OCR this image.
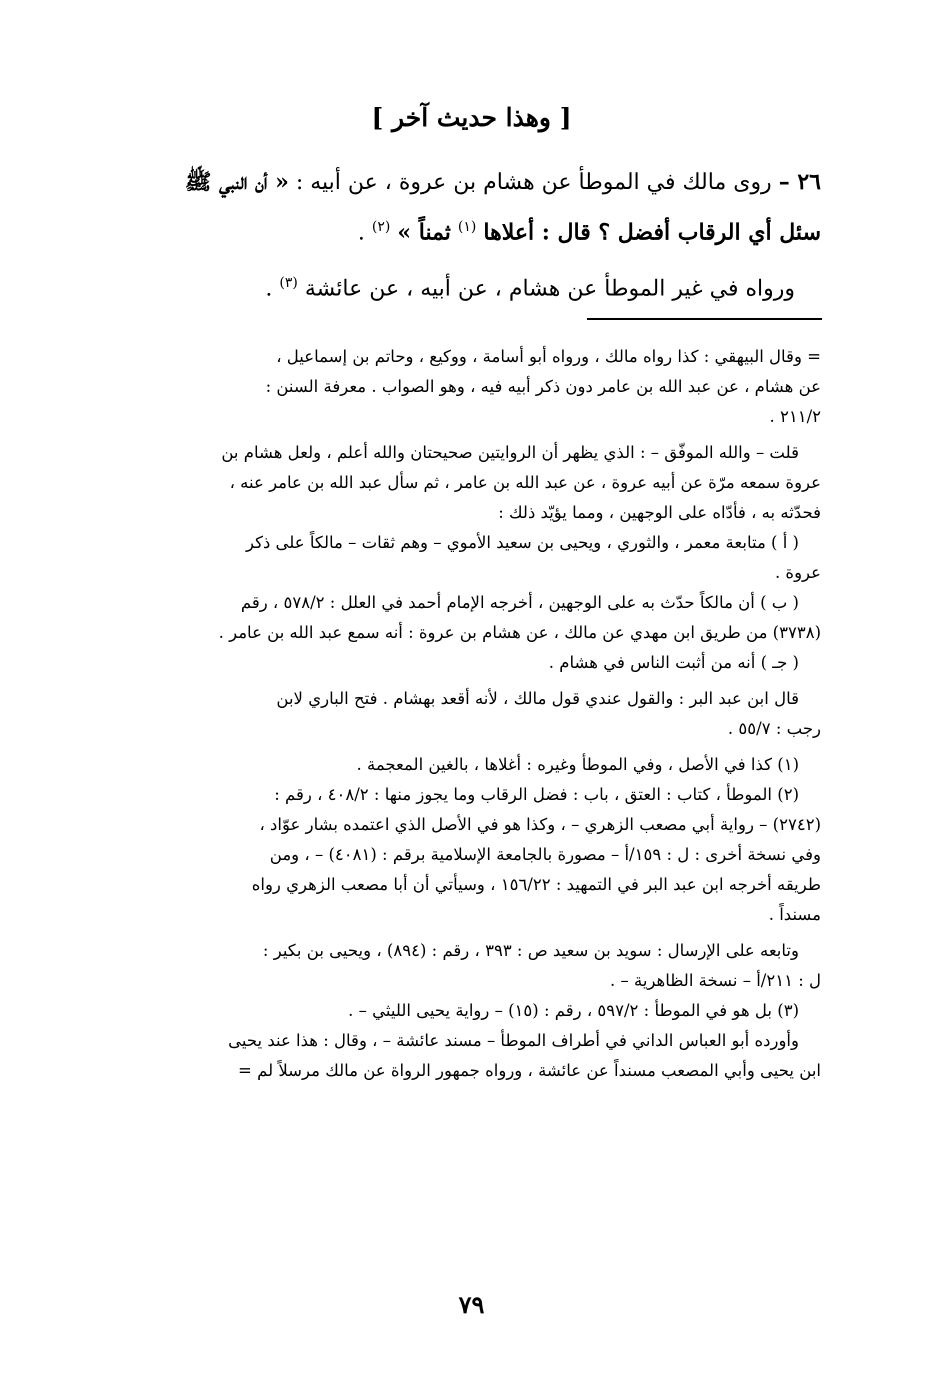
[ وهذا حديث آخر ]
٢٦ – روى مالك في الموطأ عن هشام بن عروة ، عن أبيه : « أن النبي ﷺ
سئل أي الرقاب أفضل ؟ قال : أعلاها $^{(١)}$ ثمناً » $^{(٢)}$ .
ورواه في غير الموطأ عن هشام ، عن أبيه ، عن عائشة $^{(٣)}$ .

= وقال البيهقي : كذا رواه مالك ، ورواه أبو أسامة ، ووكيع ، وحاتم بن إسماعيل ،

عن هشام ، عن عبد الله بن عامر دون ذكر أبيه فيه ، وهو الصواب . معرفة السنن :

٢١١/٢ .

قلت – والله الموفّق – : الذي يظهر أن الروايتين صحيحتان والله أعلم ، ولعل هشام بن

عروة سمعه مرّة عن أبيه عروة ، عن عبد الله بن عامر ، ثم سأل عبد الله بن عامر عنه ،

فحدّثه به ، فأدّاه على الوجهين ، ومما يؤيّد ذلك :

( أ ) متابعة معمر ، والثوري ، ويحيى بن سعيد الأموي – وهم ثقات – مالكاً على ذكر

عروة .

( ب ) أن مالكاً حدّث به على الوجهين ، أخرجه الإمام أحمد في العلل : ٥٧٨/٢ ، رقم

(٣٧٣٨) من طريق ابن مهدي عن مالك ، عن هشام بن عروة : أنه سمع عبد الله بن عامر .

( جـ ) أنه من أثبت الناس في هشام .

قال ابن عبد البر : والقول عندي قول مالك ، لأنه أقعد بهشام . فتح الباري لابن

رجب : ٥٥/٧ .

(١) كذا في الأصل ، وفي الموطأ وغيره : أغلاها ، بالغين المعجمة .

(٢) الموطأ ، كتاب : العتق ، باب : فضل الرقاب وما يجوز منها : ٤٠٨/٢ ، رقم :

(٢٧٤٢) – رواية أبي مصعب الزهري – ، وكذا هو في الأصل الذي اعتمده بشار عوّاد ،

وفي نسخة أخرى : ل : ١٥٩/أ – مصورة بالجامعة الإسلامية برقم : (٤٠٨١) – ، ومن

طريقه أخرجه ابن عبد البر في التمهيد : ١٥٦/٢٢ ، وسيأتي أن أبا مصعب الزهري رواه

مسنداً .

وتابعه على الإرسال : سويد بن سعيد ص : ٣٩٣ ، رقم : (٨٩٤) ، ويحيى بن بكير :

ل : ٢١١/أ – نسخة الظاهرية – .

(٣) بل هو في الموطأ : ٥٩٧/٢ ، رقم : (١٥) – رواية يحيى الليثي – .

وأورده أبو العباس الداني في أطراف الموطأ – مسند عائشة – ، وقال : هذا عند يحيى

ابن يحيى وأبي المصعب مسنداً عن عائشة ، ورواه جمهور الرواة عن مالك مرسلاً لم =

٧٩
